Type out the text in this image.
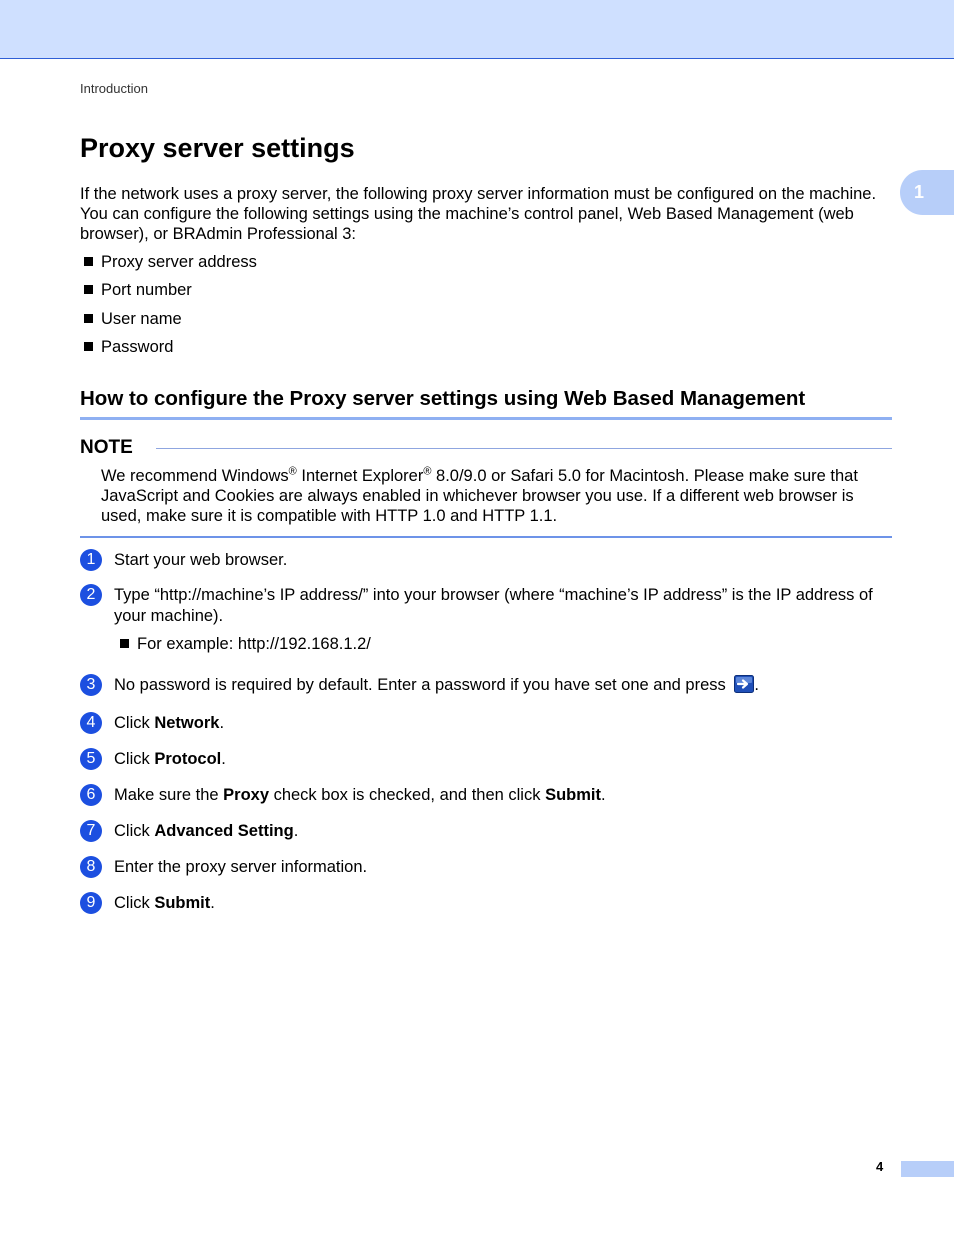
Introduction
1
Proxy server settings

If the network uses a proxy server, the following proxy server information must be configured on the machine. You can configure the following settings using the machine’s control panel, Web Based Management (web browser), or BRAdmin Professional 3:

Proxy server address
Port number
User name
Password
How to configure the Proxy server settings using Web Based Management
NOTE

We recommend Windows® Internet Explorer® 8.0/9.0 or Safari 5.0 for Macintosh. Please make sure that JavaScript and Cookies are always enabled in whichever browser you use. If a different web browser is used, make sure it is compatible with HTTP 1.0 and HTTP 1.1.

1	Start your web browser.
2	Type “http://machine’s IP address/” into your browser (where “machine’s IP address” is the IP address of your machine).
For example: http://192.168.1.2/
3	No password is required by default. Enter a password if you have set one and press .
4	Click Network.
5	Click Protocol.
6	Make sure the Proxy check box is checked, and then click Submit.
7	Click Advanced Setting.
8	Enter the proxy server information.
9	Click Submit.
4
